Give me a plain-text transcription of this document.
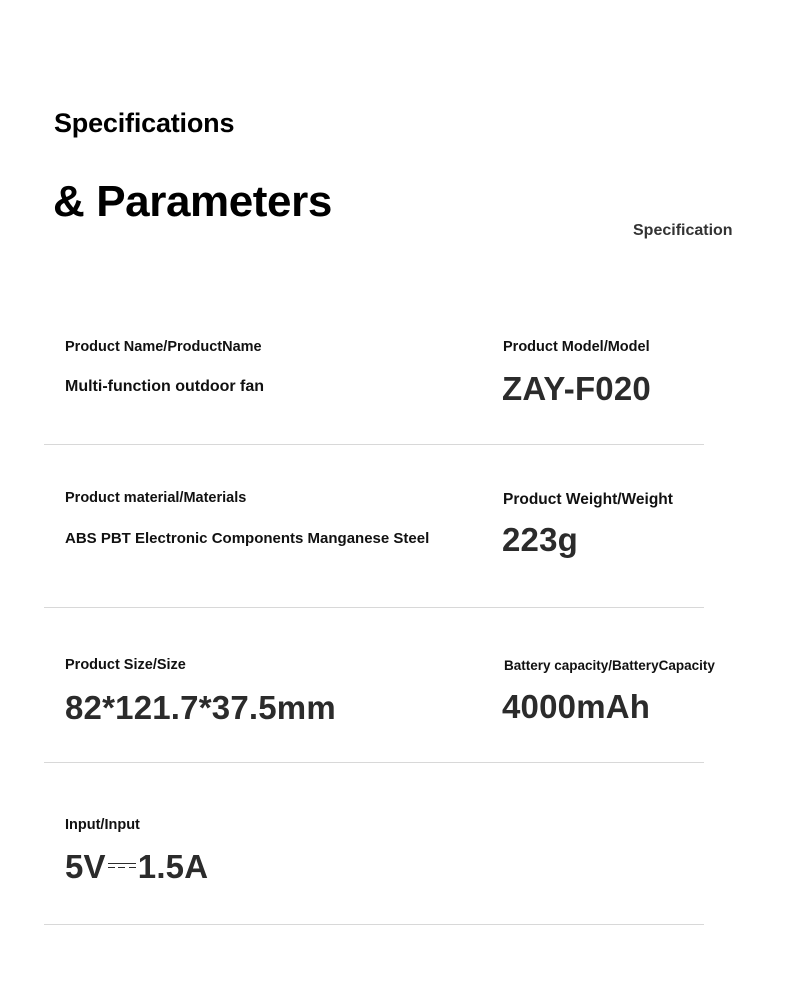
Specifications
& Parameters
Specification
Product Name/ProductName
Multi-function outdoor fan
Product Model/Model
ZAY-F020
Product material/Materials
ABS PBT Electronic Components Manganese Steel
Product Weight/Weight
223g
Product Size/Size
82*121.7*37.5mm
Battery capacity/BatteryCapacity
4000mAh
Input/Input
5V 1.5A
